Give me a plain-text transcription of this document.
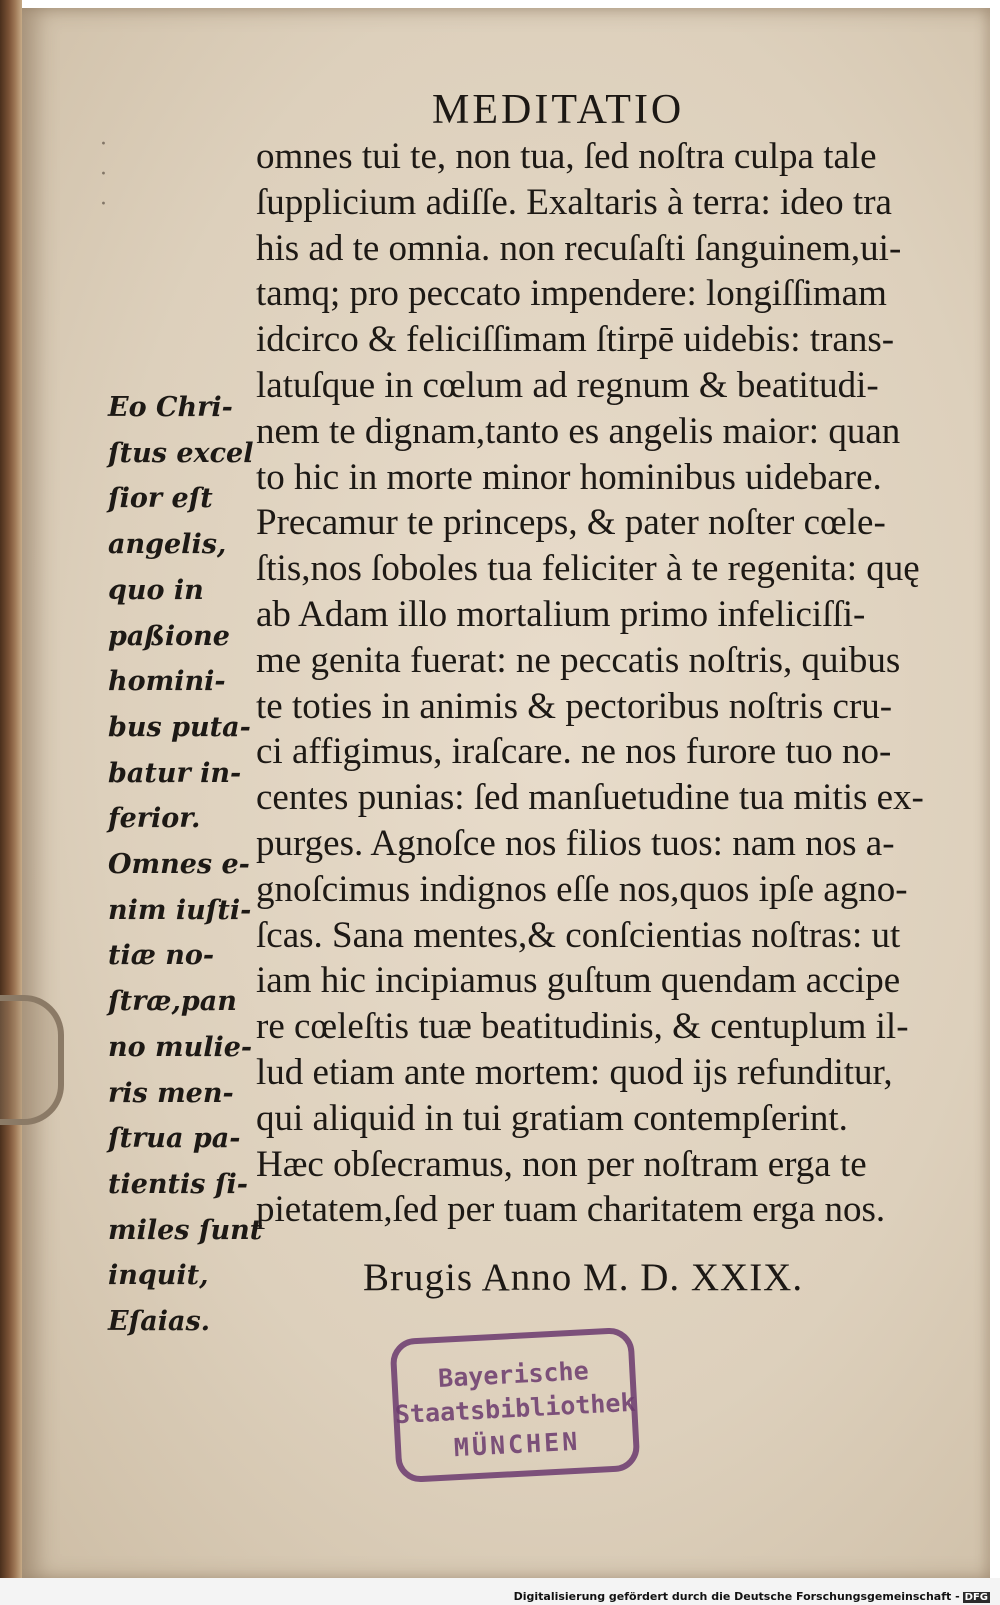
MEDITATIO
·
·
·
omnes tui te, non tua, ſed noſtra culpa tale
ſupplicium adiſſe. Exaltaris à terra: ideo tra
his ad te omnia. non recuſaſti ſanguinem,ui-
tamq; pro peccato impendere: longiſſimam
idcirco & feliciſſimam ſtirpē uidebis: trans-
latuſque in cœlum ad regnum & beatitudi-
nem te dignam,tanto es angelis maior: quan
to hic in morte minor hominibus uidebare.
Precamur te princeps, & pater noſter cœle-
ſtis,nos ſoboles tua feliciter à te regenita: quę
ab Adam illo mortalium primo infeliciſſi-
me genita fuerat: ne peccatis noſtris, quibus
te toties in animis & pectoribus noſtris cru-
ci affigimus, iraſcare. ne nos furore tuo no-
centes punias: ſed manſuetudine tua mitis ex-
purges. Agnoſce nos filios tuos: nam nos a-
gnoſcimus indignos eſſe nos,quos ipſe agno-
ſcas. Sana mentes,& conſcientias noſtras: ut
iam hic incipiamus guſtum quendam accipe
re cœleſtis tuæ beatitudinis, & centuplum il-
lud etiam ante mortem: quod ijs refunditur,
qui aliquid in tui gratiam contempſerint.
Hæc obſecramus, non per noſtram erga te
pietatem,ſed per tuam charitatem erga nos.
Eo Chri-
ſtus excel
ſior eſt
angelis,
quo in
paßione
homini-
bus puta-
batur in-
ferior.
Omnes e-
nim iuſti-
tiæ no-
ſtræ,pan
no mulie-
ris men-
ſtrua pa-
tientis ſi-
miles ſunt
inquit,
Eſaias.
Brugis Anno M. D. XXIX.
Bayerische
Staatsbibliothek
MÜNCHEN
Digitalisierung gefördert durch die Deutsche Forschungsgemeinschaft - DFG
